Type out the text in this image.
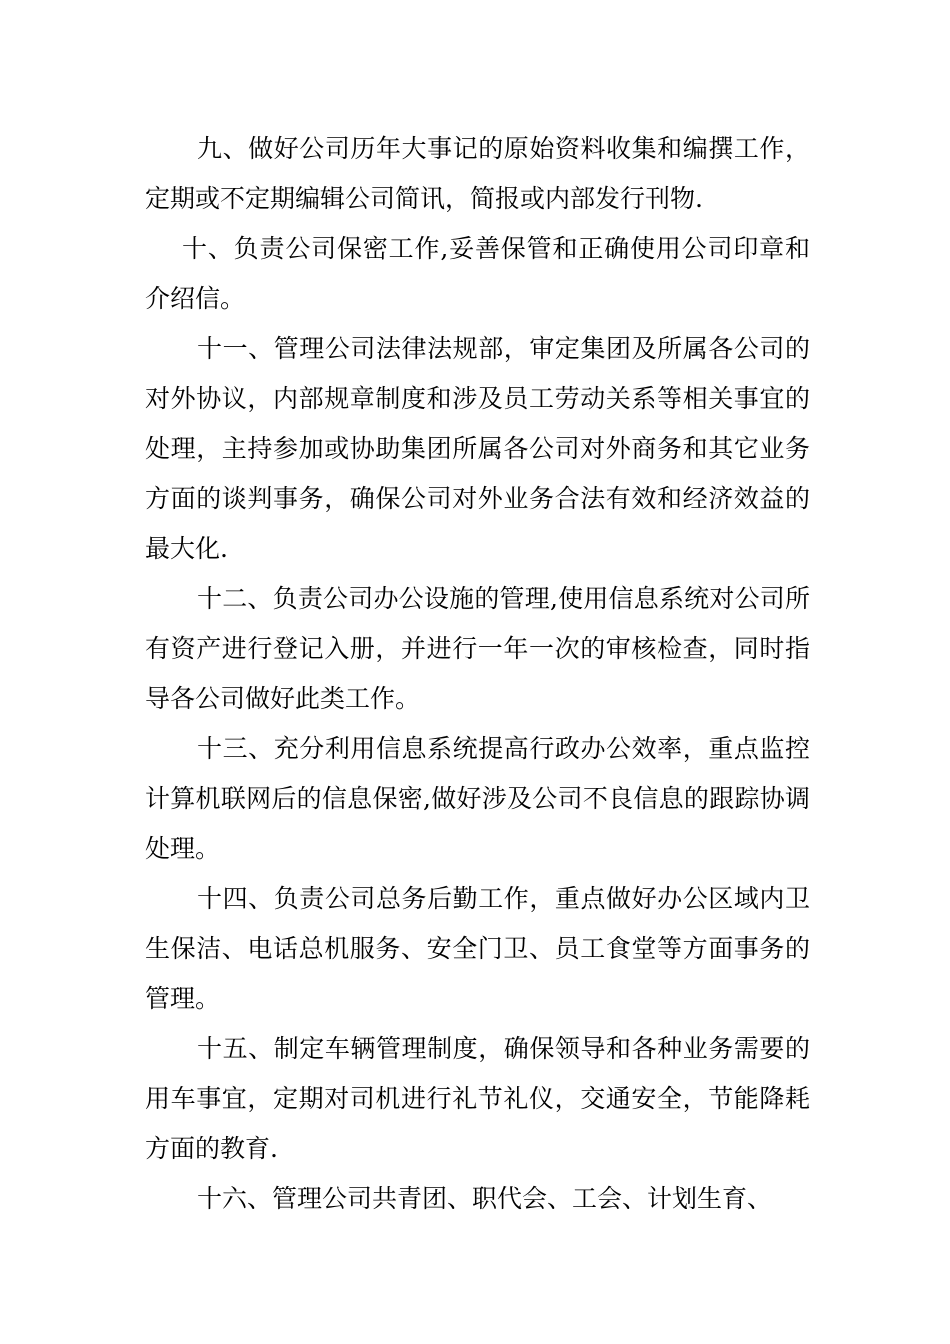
九、做好公司历年大事记的原始资料收集和编撰工作，定期或不定期编辑公司简讯，简报或内部发行刊物.

十、负责公司保密工作,妥善保管和正确使用公司印章和介绍信。

十一、管理公司法律法规部，审定集团及所属各公司的对外协议，内部规章制度和涉及员工劳动关系等相关事宜的处理，主持参加或协助集团所属各公司对外商务和其它业务方面的谈判事务，确保公司对外业务合法有效和经济效益的最大化.

十二、负责公司办公设施的管理,使用信息系统对公司所有资产进行登记入册，并进行一年一次的审核检查，同时指导各公司做好此类工作。

十三、充分利用信息系统提高行政办公效率，重点监控计算机联网后的信息保密,做好涉及公司不良信息的跟踪协调处理。

十四、负责公司总务后勤工作，重点做好办公区域内卫生保洁、电话总机服务、安全门卫、员工食堂等方面事务的管理。

十五、制定车辆管理制度，确保领导和各种业务需要的用车事宜，定期对司机进行礼节礼仪，交通安全，节能降耗方面的教育.

十六、管理公司共青团、职代会、工会、计划生育、
